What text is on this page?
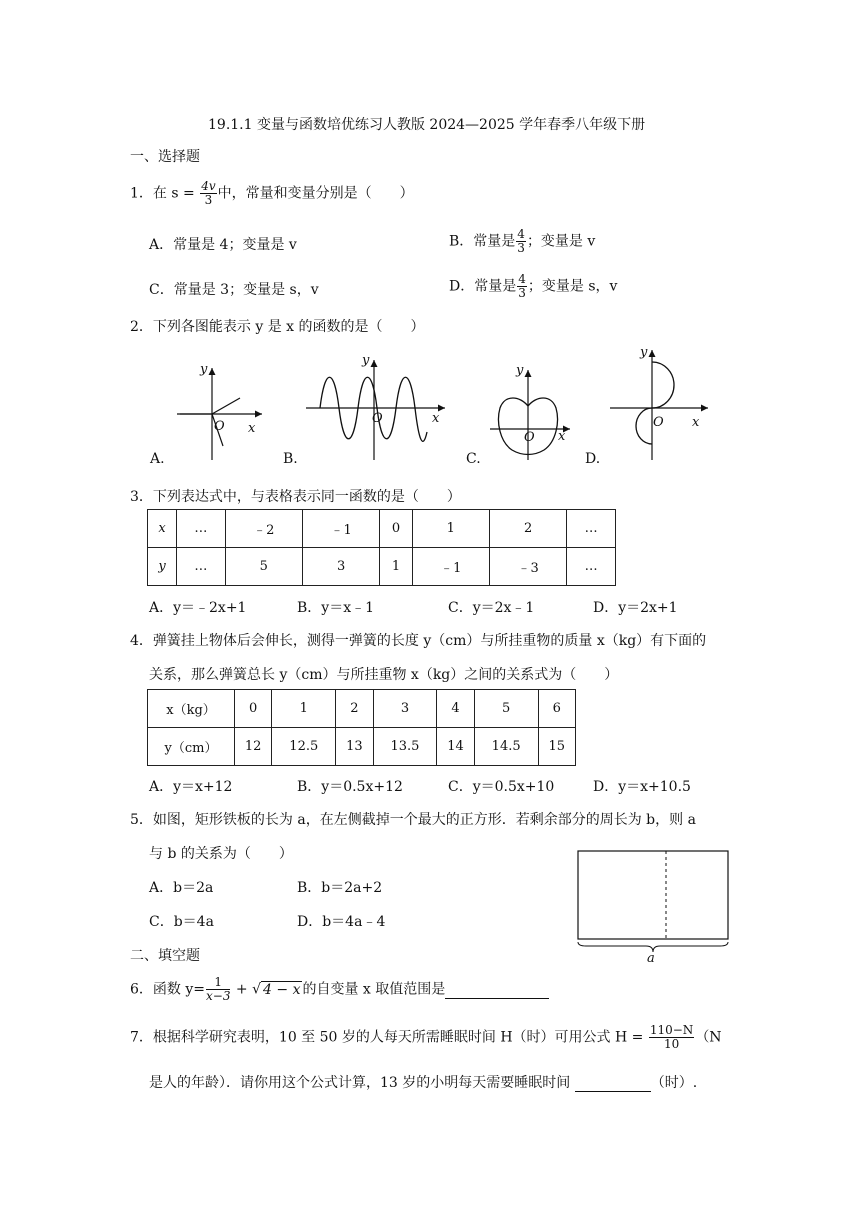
19.1.1 变量与函数培优练习人教版 2024—2025 学年春季八年级下册
一、选择题
1．在 $s = \frac{4v}{3}$ 中，常量和变量分别是（　　）
A．常量是 4；变量是 v	B．常量是 $\frac{4}{3}$ ；变量是 v
C．常量是 3；变量是 s，v	D．常量是 $\frac{4}{3}$ ；变量是 s，v
2．下列各图能表示 y 是 x 的函数的是（　　）
y
x
O
y
x
O
y
x
O
y
x
O
A.	B.	C.	D.
3．下列表达式中，与表格表示同一函数的是（　　）
x	…	﹣2	﹣1	0	1	2	…
y	…	5	3	1	﹣1	﹣3	…
A．y＝﹣2x+1	B．y＝x﹣1	C．y＝2x﹣1	D．y＝2x+1
4．弹簧挂上物体后会伸长，测得一弹簧的长度 y（cm）与所挂重物的质量 x（kg）有下面的
关系，那么弹簧总长 y（cm）与所挂重物 x（kg）之间的关系式为（　　）
x（kg）	0	1	2	3	4	5	6
y（cm）	12	12.5	13	13.5	14	14.5	15
A．y＝x+12	B．y＝0.5x+12	C．y＝0.5x+10	D．y＝x+10.5
5．如图，矩形铁板的长为 a，在左侧截掉一个最大的正方形．若剩余部分的周长为 b，则 a
与 b 的关系为（　　）
A．b＝2a	B．b＝2a+2
C．b＝4a	D．b＝4a﹣4
a
二、填空题
6．函数 $y= \frac{1}{x-3}$ + √ 4 − x 的自变量 x 取值范围是
7．根据科学研究表明，10 至 50 岁的人每天所需睡眠时间 H（时）可用公式 $H = \frac{110-N}{10} (N$
是人的年龄）．请你用这个公式计算，13 岁的小明每天需要睡眠时间	（时）.
